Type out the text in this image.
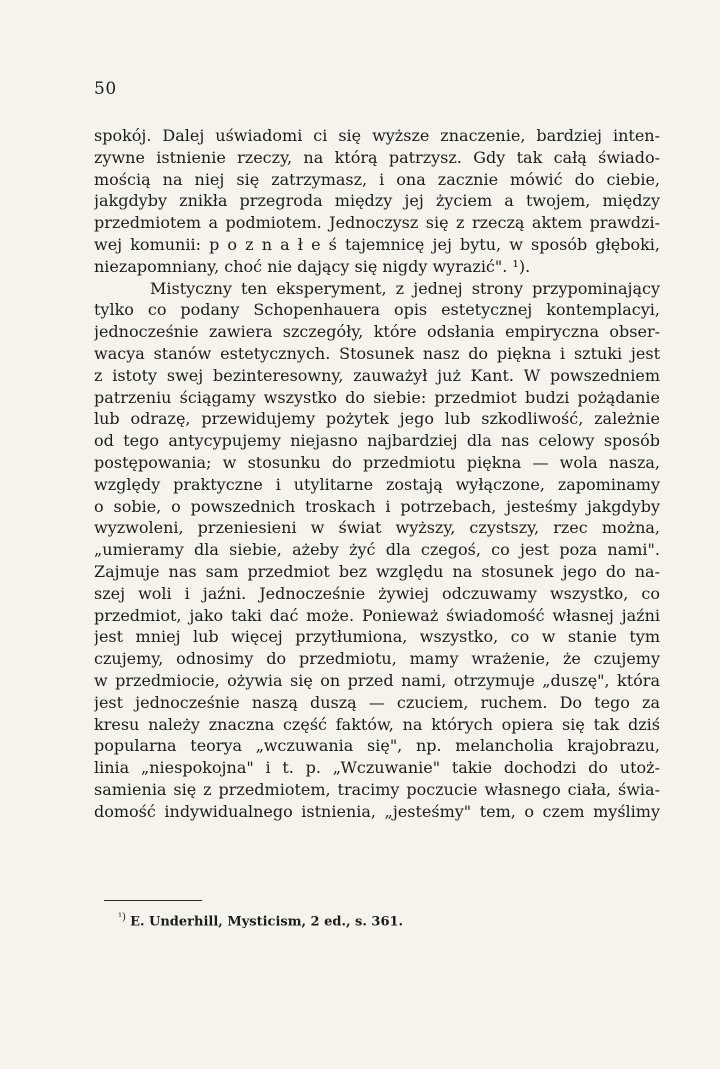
50
spokój. Dalej uświadomi ci się wyższe znaczenie, bardziej inten-
zywne istnienie rzeczy, na którą patrzysz. Gdy tak całą świado-
mością na niej się zatrzymasz, i ona zacznie mówić do ciebie,
jakgdyby znikła przegroda między jej życiem a twojem, między
przedmiotem a podmiotem. Jednoczysz się z rzeczą aktem prawdzi-
wej komunii: p o z n a ł e ś tajemnicę jej bytu, w sposób głęboki,
niezapomniany, choć nie dający się nigdy wyrazić". ¹).
Mistyczny ten eksperyment, z jednej strony przypominający
tylko co podany Schopenhauera opis estetycznej kontemplacyi,
jednocześnie zawiera szczegóły, które odsłania empiryczna obser-
wacya stanów estetycznych. Stosunek nasz do piękna i sztuki jest
z istoty swej bezinteresowny, zauważył już Kant. W powszedniem
patrzeniu ściągamy wszystko do siebie: przedmiot budzi pożądanie
lub odrazę, przewidujemy pożytek jego lub szkodliwość, zależnie
od tego antycypujemy niejasno najbardziej dla nas celowy sposób
postępowania; w stosunku do przedmiotu piękna — wola nasza,
względy praktyczne i utylitarne zostają wyłączone, zapominamy
o sobie, o powszednich troskach i potrzebach, jesteśmy jakgdyby
wyzwoleni, przeniesieni w świat wyższy, czystszy, rzec można,
„umieramy dla siebie, ażeby żyć dla czegoś, co jest poza nami".
Zajmuje nas sam przedmiot bez względu na stosunek jego do na-
szej woli i jaźni. Jednocześnie żywiej odczuwamy wszystko, co
przedmiot, jako taki dać może. Ponieważ świadomość własnej jaźni
jest mniej lub więcej przytłumiona, wszystko, co w stanie tym
czujemy, odnosimy do przedmiotu, mamy wrażenie, że czujemy
w przedmiocie, ożywia się on przed nami, otrzymuje „duszę", która
jest jednocześnie naszą duszą — czuciem, ruchem. Do tego za
kresu należy znaczna część faktów, na których opiera się tak dziś
popularna teorya „wczuwania się", np. melancholia krajobrazu,
linia „niespokojna" i t. p. „Wczuwanie" takie dochodzi do utoż-
samienia się z przedmiotem, tracimy poczucie własnego ciała, świa-
domość indywidualnego istnienia, „jesteśmy" tem, o czem myślimy
$^{^1)}$ E. Underhill, Mysticism, 2 ed., s. 361.
